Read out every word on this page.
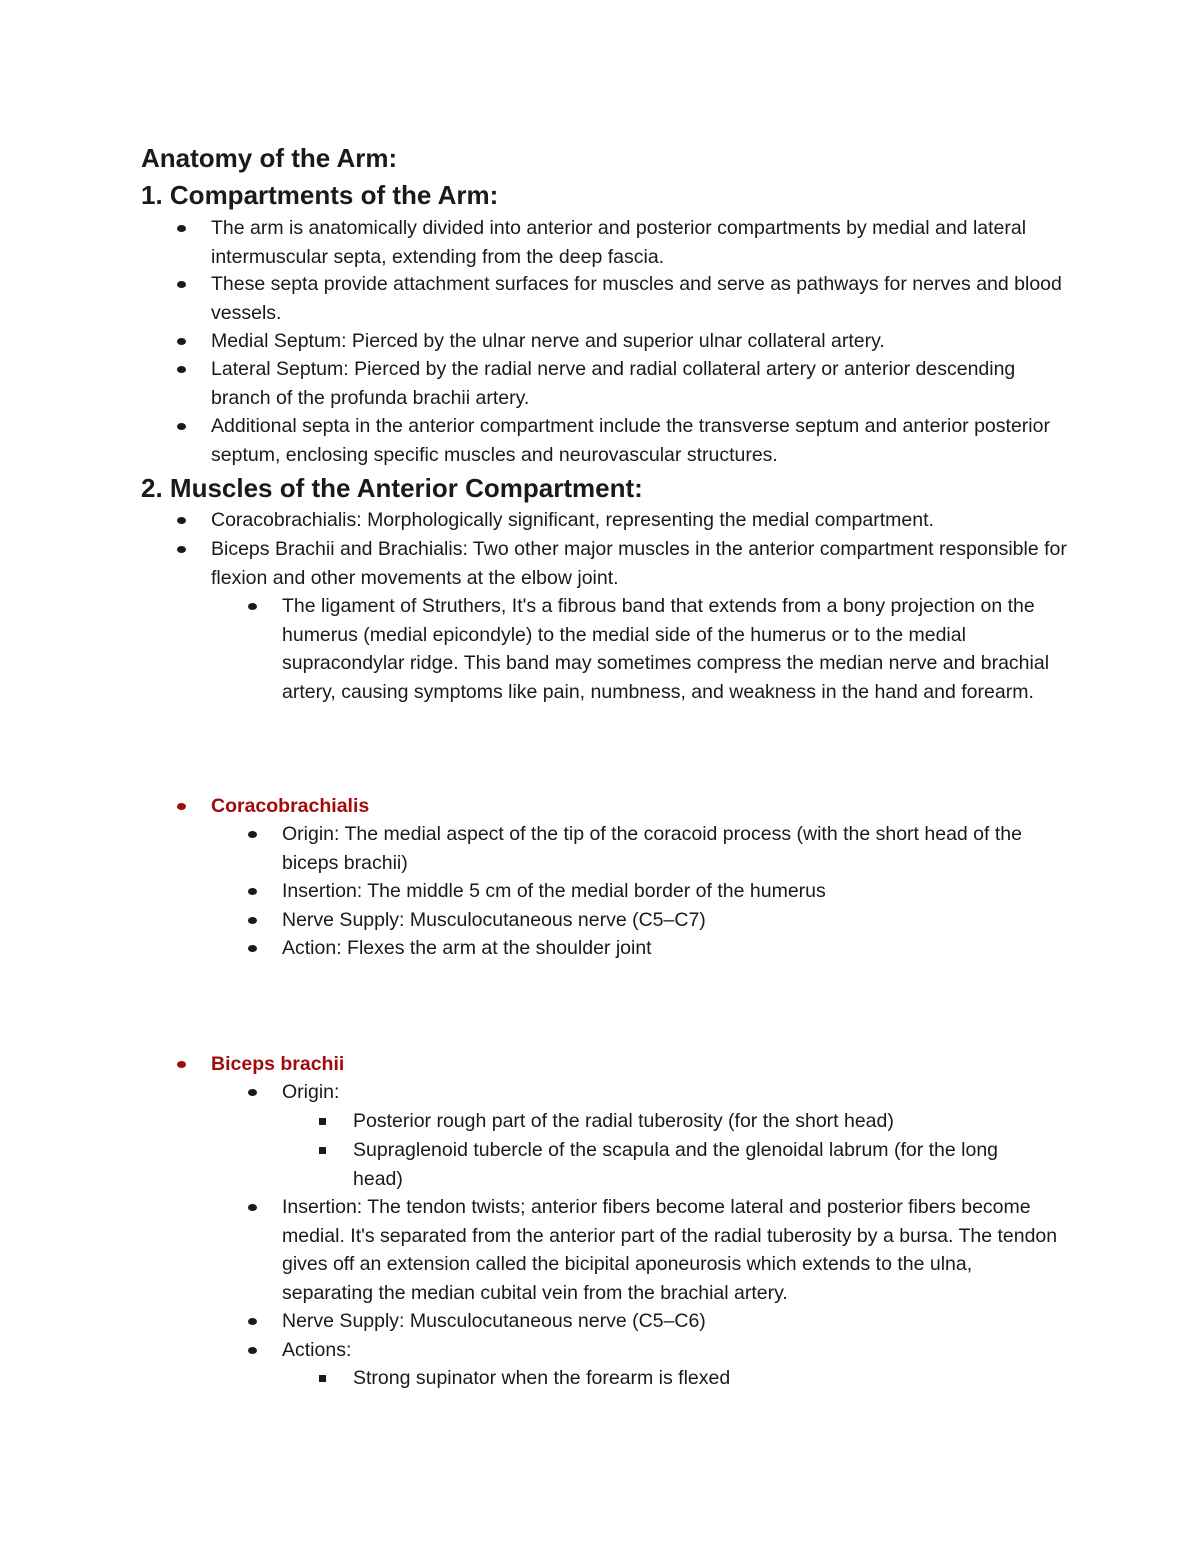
Anatomy of the Arm:

1. Compartments of the Arm:

The arm is anatomically divided into anterior and posterior compartments by medial and lateral intermuscular septa, extending from the deep fascia.
These septa provide attachment surfaces for muscles and serve as pathways for nerves and blood vessels.
Medial Septum: Pierced by the ulnar nerve and superior ulnar collateral artery.
Lateral Septum: Pierced by the radial nerve and radial collateral artery or anterior descending branch of the profunda brachii artery.
Additional septa in the anterior compartment include the transverse septum and anterior posterior septum, enclosing specific muscles and neurovascular structures.

2. Muscles of the Anterior Compartment:

Coracobrachialis: Morphologically significant, representing the medial compartment.
Biceps Brachii and Brachialis: Two other major muscles in the anterior compartment responsible for flexion and other movements at the elbow joint.
The ligament of Struthers, It's a fibrous band that extends from a bony projection on the humerus (medial epicondyle) to the medial side of the humerus or to the medial supracondylar ridge. This band may sometimes compress the median nerve and brachial artery, causing symptoms like pain, numbness, and weakness in the hand and forearm.
Coracobrachialis
Origin: The medial aspect of the tip of the coracoid process (with the short head of the biceps brachii)
Insertion: The middle 5 cm of the medial border of the humerus
Nerve Supply: Musculocutaneous nerve (C5–C7)
Action: Flexes the arm at the shoulder joint
Biceps brachii
Origin:
Posterior rough part of the radial tuberosity (for the short head)
Supraglenoid tubercle of the scapula and the glenoidal labrum (for the long head)
Insertion: The tendon twists; anterior fibers become lateral and posterior fibers become medial. It's separated from the anterior part of the radial tuberosity by a bursa. The tendon gives off an extension called the bicipital aponeurosis which extends to the ulna, separating the median cubital vein from the brachial artery.
Nerve Supply: Musculocutaneous nerve (C5–C6)
Actions:
Strong supinator when the forearm is flexed
